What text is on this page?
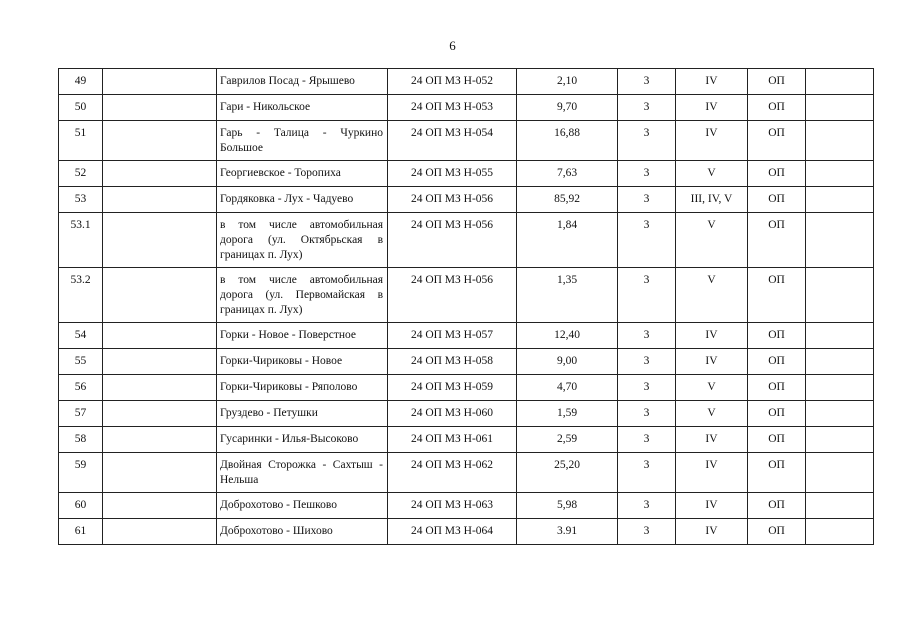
6
49		Гаврилов Посад - Ярышево	24 ОП МЗ Н-052	2,10	3	IV	ОП	
50		Гари - Никольское	24 ОП МЗ Н-053	9,70	3	IV	ОП	
51		Гарь - Талица - Чуркино Большое	24 ОП МЗ Н-054	16,88	3	IV	ОП	
52		Георгиевское - Торопиха	24 ОП МЗ Н-055	7,63	3	V	ОП	
53		Гордяковка - Лух - Чадуево	24 ОП МЗ Н-056	85,92	3	III, IV, V	ОП	
53.1		в том числе автомобильная дорога (ул. Октябрьская в границах п. Лух)	24 ОП МЗ Н-056	1,84	3	V	ОП	
53.2		в том числе автомобильная дорога (ул. Первомайская в границах п. Лух)	24 ОП МЗ Н-056	1,35	3	V	ОП	
54		Горки - Новое - Поверстное	24 ОП МЗ Н-057	12,40	3	IV	ОП	
55		Горки-Чириковы - Новое	24 ОП МЗ Н-058	9,00	3	IV	ОП	
56		Горки-Чириковы - Ряполово	24 ОП МЗ Н-059	4,70	3	V	ОП	
57		Груздево - Петушки	24 ОП МЗ Н-060	1,59	3	V	ОП	
58		Гусаринки - Илья-Высоково	24 ОП МЗ Н-061	2,59	3	IV	ОП	
59		Двойная Сторожка - Сахтыш - Нельша	24 ОП МЗ Н-062	25,20	3	IV	ОП	
60		Доброхотово - Пешково	24 ОП МЗ Н-063	5,98	3	IV	ОП	
61		Доброхотово - Шихово	24 ОП МЗ Н-064	3.91	3	IV	ОП	
